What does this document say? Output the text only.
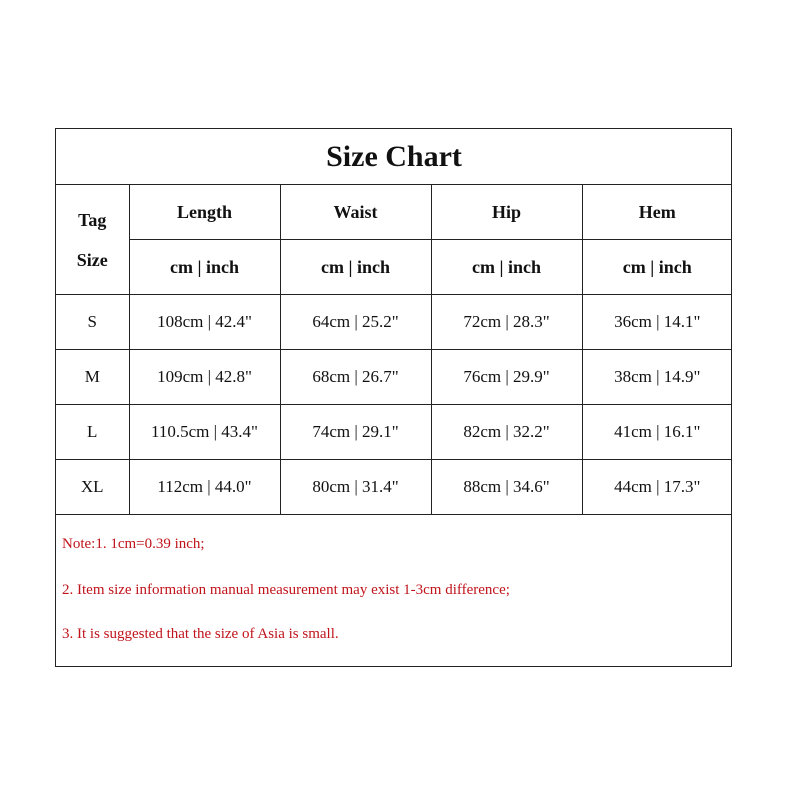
Size Chart				

Tag
Size	Length	Waist	Hip	Hem
	cm | inch	cm | inch	cm | inch	cm | inch
S	108cm | 42.4"	64cm | 25.2"	72cm | 28.3"	36cm | 14.1"
M	109cm | 42.8"	68cm | 26.7"	76cm | 29.9"	38cm | 14.9"
L	110.5cm | 43.4"	74cm | 29.1"	82cm | 32.2"	41cm | 16.1"
XL	112cm | 44.0"	80cm | 31.4"	88cm | 34.6"	44cm | 17.3"
Note:1. 1cm=0.39 inch;
2. Item size information manual measurement may exist 1-3cm difference;
3. It is suggested that the size of Asia is small.
